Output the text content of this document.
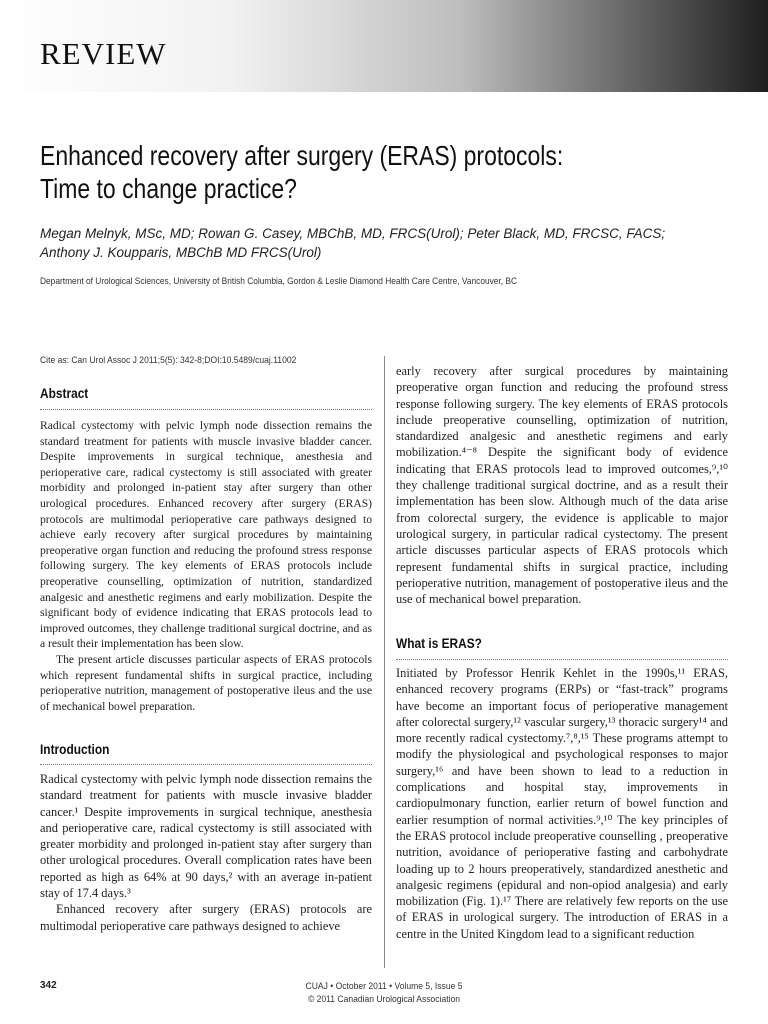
REVIEW
Enhanced recovery after surgery (ERAS) protocols:
Time to change practice?
Megan Melnyk, MSc, MD; Rowan G. Casey, MBChB, MD, FRCS(Urol); Peter Black, MD, FRCSC, FACS;
Anthony J. Koupparis, MBChB MD FRCS(Urol)
Department of Urological Sciences, University of British Columbia, Gordon & Leslie Diamond Health Care Centre, Vancouver, BC
Cite as: Can Urol Assoc J 2011;5(5): 342-8;DOI:10.5489/cuaj.11002
Abstract

Radical cystectomy with pelvic lymph node dissection remains the standard treatment for patients with muscle invasive bladder cancer. Despite improvements in surgical technique, anesthesia and perioperative care, radical cystectomy is still associated with greater morbidity and prolonged in-patient stay after surgery than other urological procedures. Enhanced recovery after surgery (ERAS) protocols are multimodal perioperative care pathways designed to achieve early recovery after surgical procedures by maintaining preoperative organ function and reducing the profound stress response following surgery. The key elements of ERAS protocols include preoperative counselling, optimization of nutrition, standardized analgesic and anesthetic regimens and early mobilization. Despite the significant body of evidence indicating that ERAS protocols lead to improved outcomes, they challenge traditional surgical doctrine, and as a result their implementation has been slow.

The present article discusses particular aspects of ERAS protocols which represent fundamental shifts in surgical practice, including perioperative nutrition, management of postoperative ileus and the use of mechanical bowel preparation.

Introduction

Radical cystectomy with pelvic lymph node dissection remains the standard treatment for patients with muscle invasive bladder cancer.¹ Despite improvements in surgical technique, anesthesia and perioperative care, radical cystectomy is still associated with greater morbidity and prolonged in-patient stay after surgery than other urological procedures. Overall complication rates have been reported as high as 64% at 90 days,² with an average in-patient stay of 17.4 days.³

Enhanced recovery after surgery (ERAS) protocols are multimodal perioperative care pathways designed to achieve

early recovery after surgical procedures by maintaining preoperative organ function and reducing the profound stress response following surgery. The key elements of ERAS protocols include preoperative counselling, optimization of nutrition, standardized analgesic and anesthetic regimens and early mobilization.⁴⁻⁸ Despite the significant body of evidence indicating that ERAS protocols lead to improved outcomes,⁹,¹⁰ they challenge traditional surgical doctrine, and as a result their implementation has been slow. Although much of the data arise from colorectal surgery, the evidence is applicable to major urological surgery, in particular radical cystectomy. The present article discusses particular aspects of ERAS protocols which represent fundamental shifts in surgical practice, including perioperative nutrition, management of postoperative ileus and the use of mechanical bowel preparation.

What is ERAS?

Initiated by Professor Henrik Kehlet in the 1990s,¹¹ ERAS, enhanced recovery programs (ERPs) or “fast-track” programs have become an important focus of perioperative management after colorectal surgery,¹² vascular surgery,¹³ thoracic surgery¹⁴ and more recently radical cystectomy.⁷,⁸,¹⁵ These programs attempt to modify the physiological and psychological responses to major surgery,¹⁶ and have been shown to lead to a reduction in complications and hospital stay, improvements in cardiopulmonary function, earlier return of bowel function and earlier resumption of normal activities.⁹,¹⁰ The key principles of the ERAS protocol include preoperative counselling , preoperative nutrition, avoidance of perioperative fasting and carbohydrate loading up to 2 hours preoperatively, standardized anesthetic and analgesic regimens (epidural and non-opiod analgesia) and early mobilization (Fig. 1).¹⁷ There are relatively few reports on the use of ERAS in urological surgery. The introduction of ERAS in a centre in the United Kingdom lead to a significant reduction

342	CUAJ • October 2011 • Volume 5, Issue 5
© 2011 Canadian Urological Association
